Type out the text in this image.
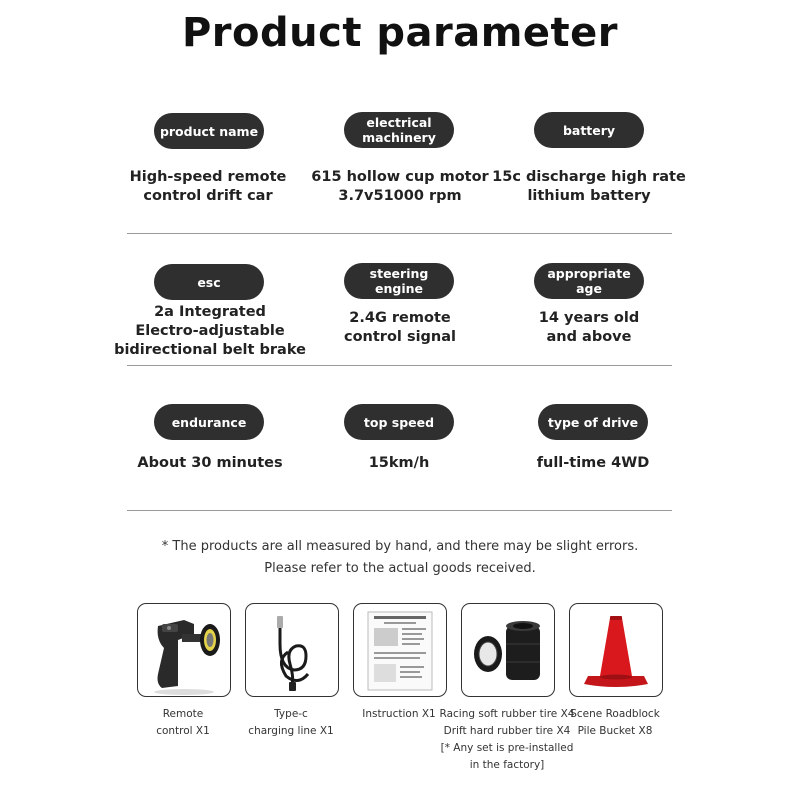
Product parameter
product name
High-speed remote
control drift car
electrical machinery
615 hollow cup motor
3.7v51000 rpm
battery
15c discharge high rate
lithium battery
esc
2a Integrated
Electro-adjustable
bidirectional belt brake
steering engine
2.4G remote
control signal
appropriate age
14 years old
and above
endurance
About 30 minutes
top speed
15km/h
type of drive
full-time 4WD
* The products are all measured by hand, and there may be slight errors.
Please refer to the actual goods received.
Remote
control X1
Type-c
charging line X1
Instruction X1 Racing soft rubber tire X4
Drift hard rubber tire X4
[* Any set is pre-installed
in the factory]
Scene Roadblock
Pile Bucket X8
